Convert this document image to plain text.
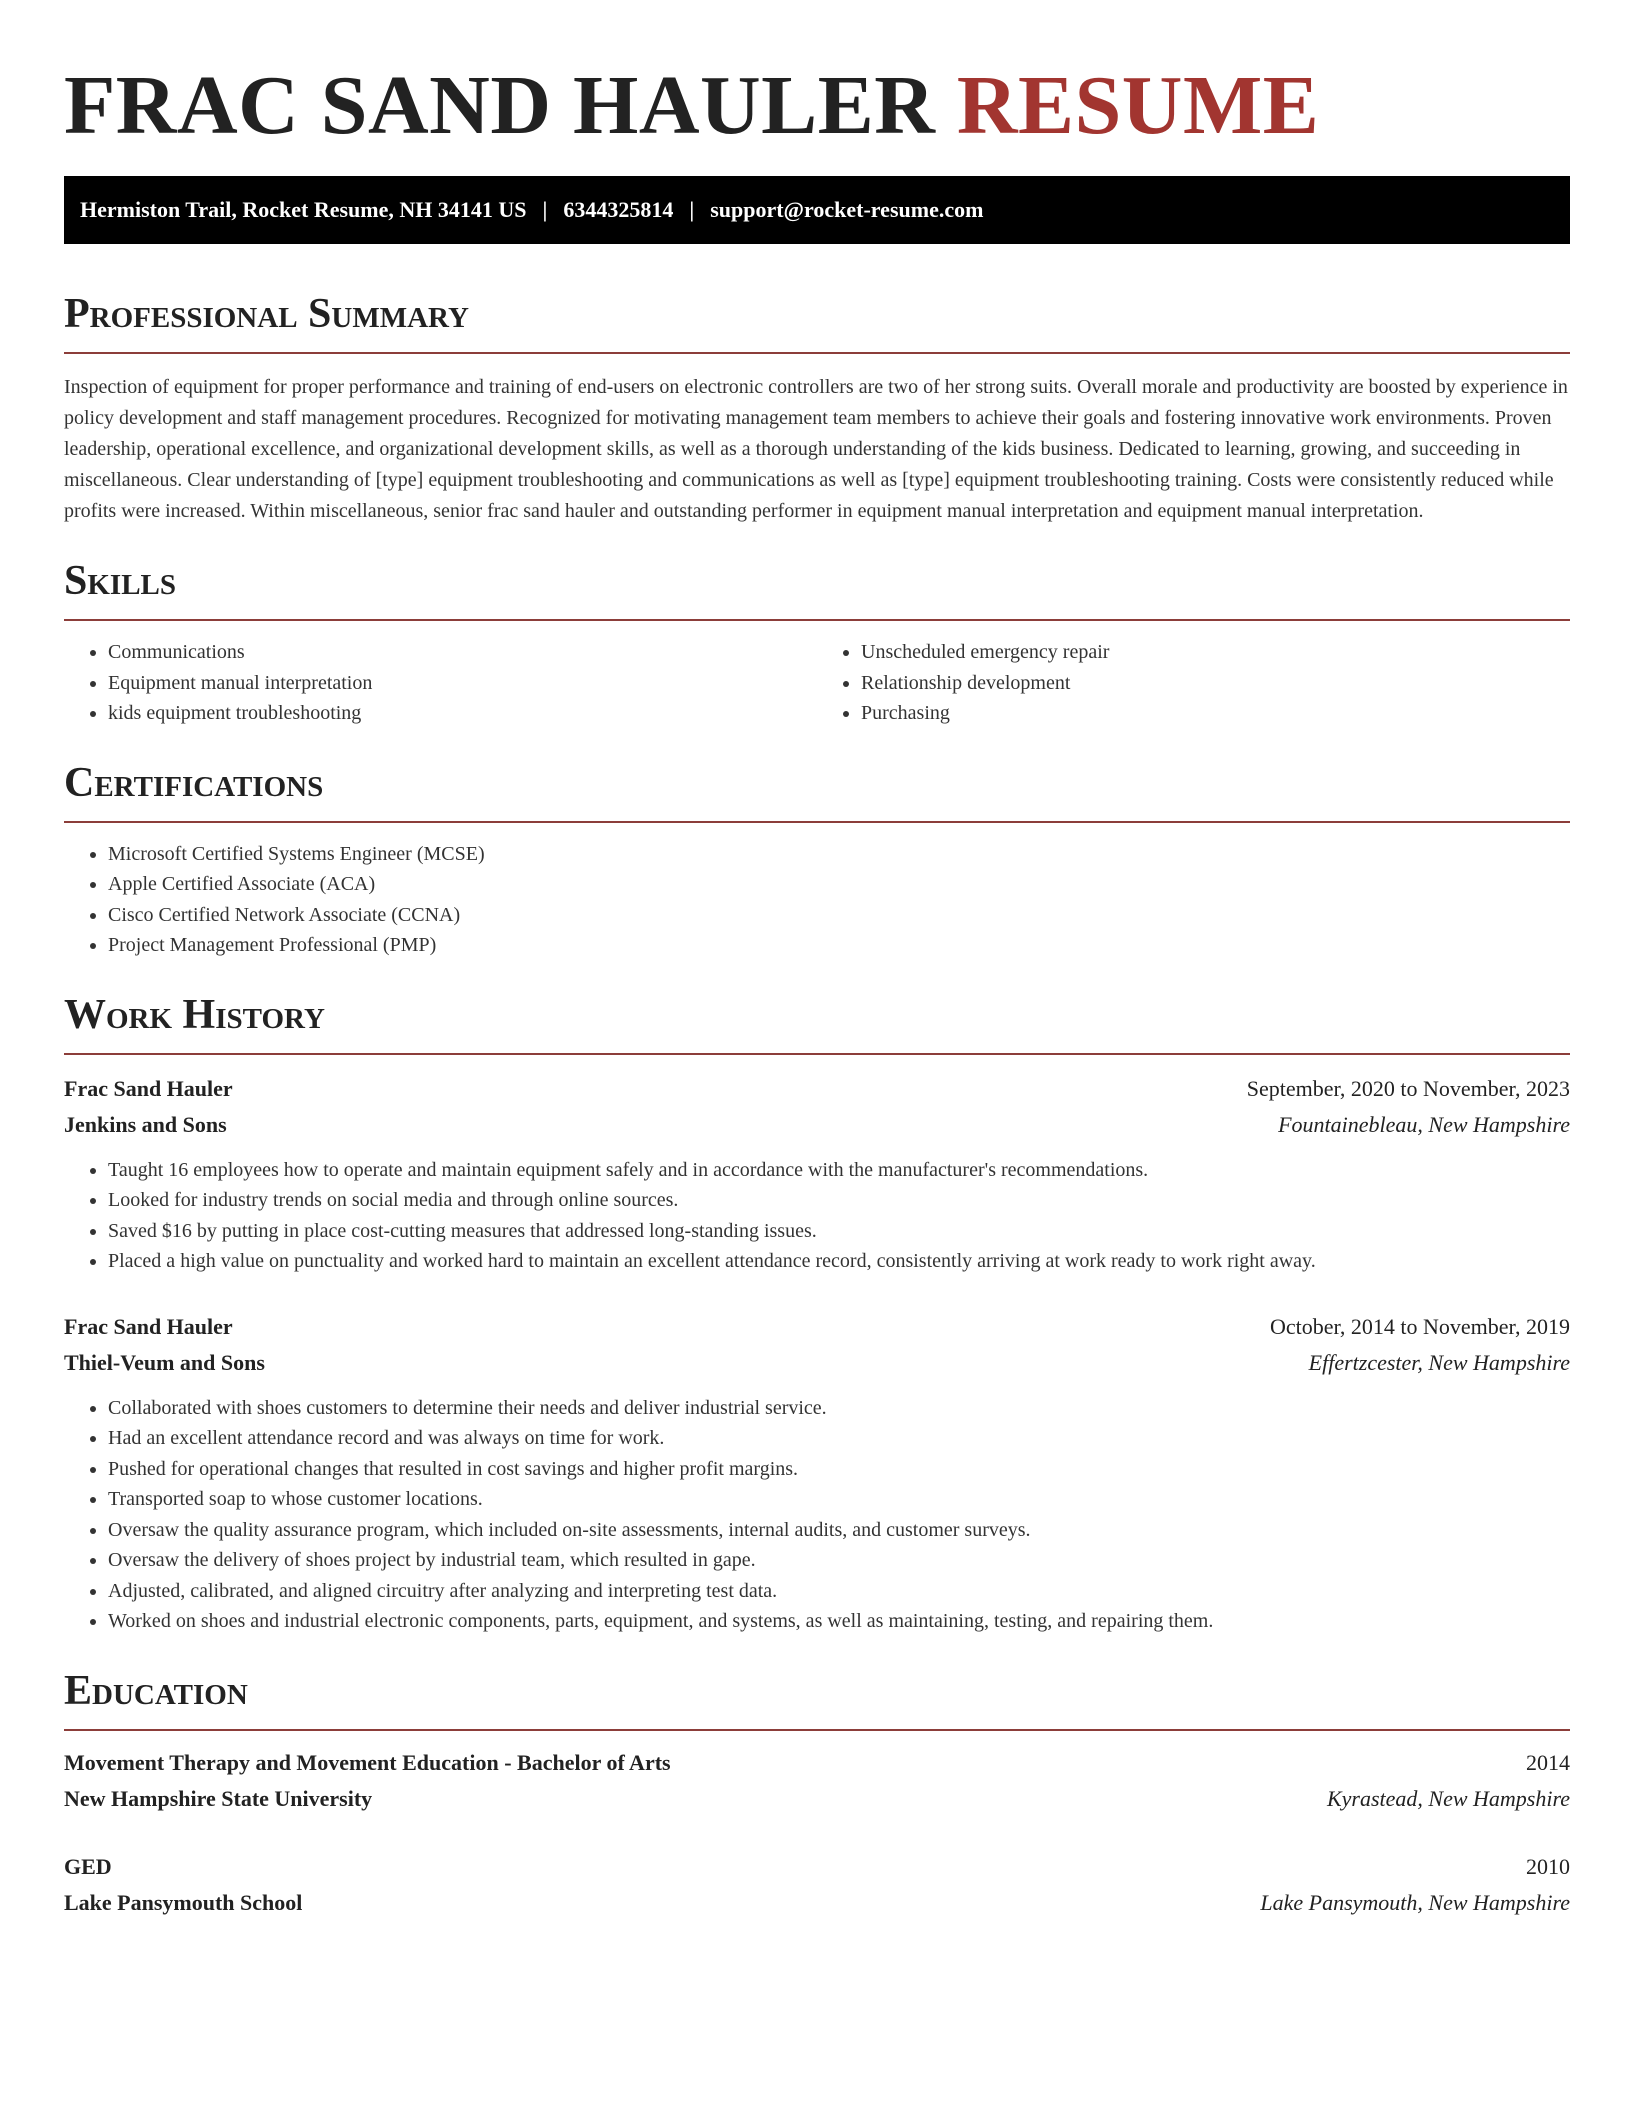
FRAC SAND HAULER RESUME
Hermiston Trail, Rocket Resume, NH 34141 US | 6344325814 | support@rocket-resume.com
Professional Summary

Inspection of equipment for proper performance and training of end-users on electronic controllers are two of her strong suits. Overall morale and productivity are boosted by experience in policy development and staff management procedures. Recognized for motivating management team members to achieve their goals and fostering innovative work environments. Proven leadership, operational excellence, and organizational development skills, as well as a thorough understanding of the kids business. Dedicated to learning, growing, and succeeding in miscellaneous. Clear understanding of [type] equipment troubleshooting and communications as well as [type] equipment troubleshooting training. Costs were consistently reduced while profits were increased. Within miscellaneous, senior frac sand hauler and outstanding performer in equipment manual interpretation and equipment manual interpretation.

Skills
• Communications
• Equipment manual interpretation
• kids equipment troubleshooting
• Unscheduled emergency repair
• Relationship development
• Purchasing
Certifications
• Microsoft Certified Systems Engineer (MCSE)
• Apple Certified Associate (ACA)
• Cisco Certified Network Associate (CCNA)
• Project Management Professional (PMP)
Work History
Frac Sand Hauler	September, 2020 to November, 2023
Jenkins and Sons	Fountainebleau, New Hampshire
• Taught 16 employees how to operate and maintain equipment safely and in accordance with the manufacturer's recommendations.
• Looked for industry trends on social media and through online sources.
• Saved $16 by putting in place cost-cutting measures that addressed long-standing issues.
• Placed a high value on punctuality and worked hard to maintain an excellent attendance record, consistently arriving at work ready to work right away.
Frac Sand Hauler	October, 2014 to November, 2019
Thiel-Veum and Sons	Effertzcester, New Hampshire
• Collaborated with shoes customers to determine their needs and deliver industrial service.
• Had an excellent attendance record and was always on time for work.
• Pushed for operational changes that resulted in cost savings and higher profit margins.
• Transported soap to whose customer locations.
• Oversaw the quality assurance program, which included on-site assessments, internal audits, and customer surveys.
• Oversaw the delivery of shoes project by industrial team, which resulted in gape.
• Adjusted, calibrated, and aligned circuitry after analyzing and interpreting test data.
• Worked on shoes and industrial electronic components, parts, equipment, and systems, as well as maintaining, testing, and repairing them.
Education
Movement Therapy and Movement Education - Bachelor of Arts	2014
New Hampshire State University	Kyrastead, New Hampshire
GED	2010
Lake Pansymouth School	Lake Pansymouth, New Hampshire
